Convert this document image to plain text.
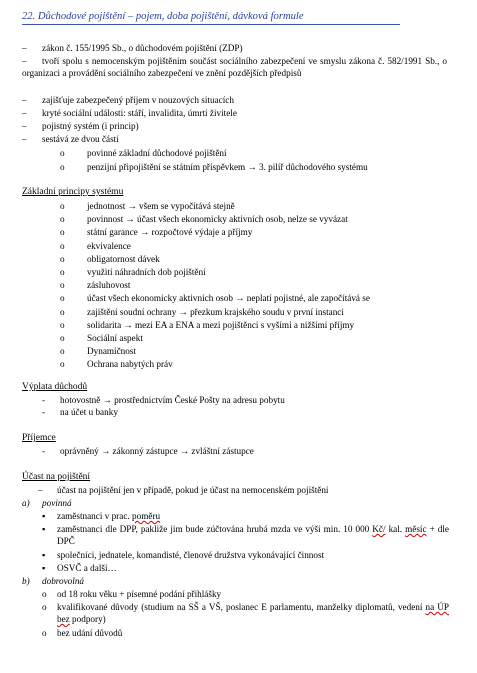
22. Důchodové pojištění – pojem, doba pojištění, dávková formule
– zákon č. 155/1995 Sb., o důchodovém pojištění (ZDP)
–	tvoří spolu s nemocenským pojištěním součást sociálního zabezpečení ve smyslu zákona č. 582/1991 Sb., o organizaci a provádění sociálního zabezpečení ve znění pozdějších předpisů
– zajišťuje zabezpečený příjem v nouzových situacích
– kryté sociální události: stáří, invalidita, úmrtí živitele
– pojistný systém (i princip)
– sestává ze dvou částí
o povinné základní důchodové pojištění
o penzijní připojištění se státním příspěvkem → 3. pilíř důchodového systému
Základní principy systému
o jednotnost → všem se vypočítává stejně
o povinnost → účast všech ekonomicky aktivních osob, nelze se vyvázat
o státní garance → rozpočtové výdaje a příjmy
o ekvivalence
o obligatornost dávek
o využití náhradních dob pojištění
o zásluhovost
o účast všech ekonomicky aktivních osob → neplatí pojistné, ale započítává se
o zajištění soudní ochrany → přezkum krajského soudu v první instanci
o solidarita → mezi EA a ENA a mezi pojištěnci s vyšími a nižšími příjmy
o Sociální aspekt
o Dynamičnost
o Ochrana nabytých práv
Výplata důchodů
- hotovostně → prostřednictvím České Pošty na adresu pobytu
- na účet u banky
Příjemce
- oprávněný → zákonný zástupce → zvláštní zástupce
Účast na pojištění
– účast na pojištění jen v případě, pokud je účast na nemocenském pojištění
a) povinná
▪ zaměstnanci v prac. poměru
▪ zaměstnanci dle DPP, pakliže jim bude zúčtována hrubá mzda ve výši min. 10 000 Kč/ kal. měsíc + dle DPČ
▪ společníci, jednatele, komandisté, členové družstva vykonávající činnost
▪ OSVČ a další…
b) dobrovolná
o od 18 roku věku + písemné podání přihlášky
o kvalifikované důvody (studium na SŠ a VŠ, poslanec E parlamentu, manželky diplomatů, vedení na ÚP bez podpory)
o bez udání důvodů
